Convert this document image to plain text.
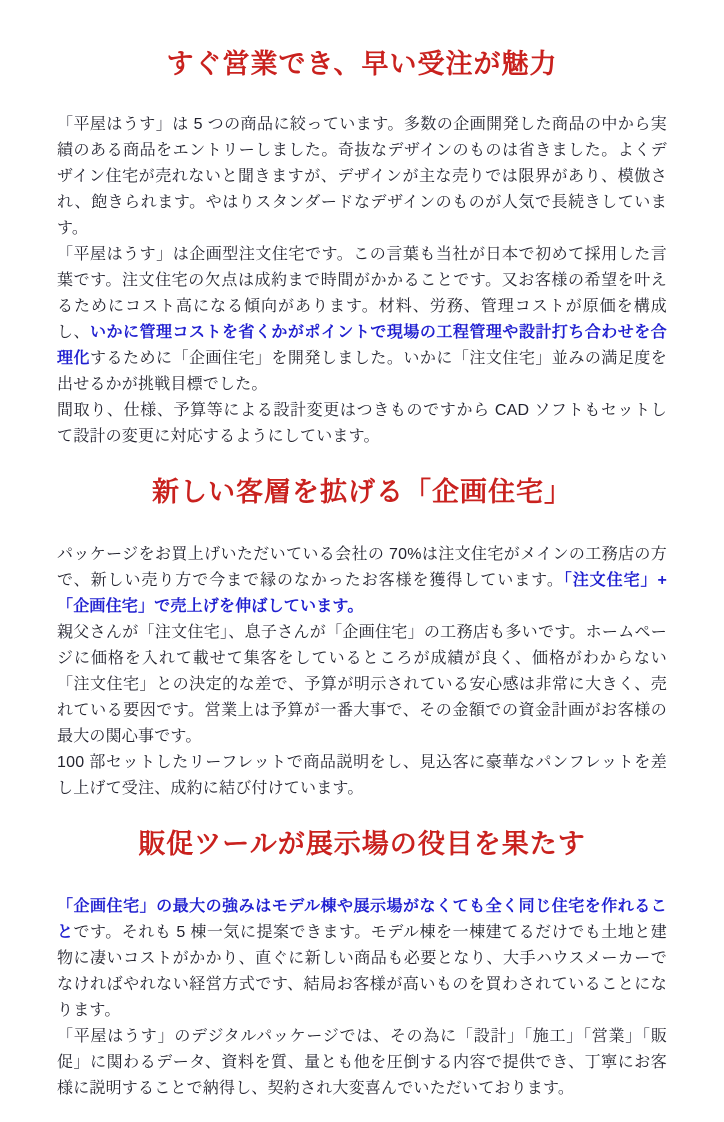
すぐ営業でき、早い受注が魅力

「平屋はうす」は 5 つの商品に絞っています。多数の企画開発した商品の中から実績のある商品をエントリーしました。奇抜なデザインのものは省きました。よくデザイン住宅が売れないと聞きますが、デザインが主な売りでは限界があり、模倣され、飽きられます。やはりスタンダードなデザインのものが人気で長続きしています。

「平屋はうす」は企画型注文住宅です。この言葉も当社が日本で初めて採用した言葉です。注文住宅の欠点は成約まで時間がかかることです。又お客様の希望を叶えるためにコスト高になる傾向があります。材料、労務、管理コストが原価を構成し、いかに管理コストを省くかがポイントで現場の工程管理や設計打ち合わせを合理化するために「企画住宅」を開発しました。いかに「注文住宅」並みの満足度を出せるかが挑戦目標でした。

間取り、仕様、予算等による設計変更はつきものですから CAD ソフトもセットして設計の変更に対応するようにしています。

新しい客層を拡げる「企画住宅」

パッケージをお買上げいただいている会社の 70%は注文住宅がメインの工務店の方で、新しい売り方で今まで縁のなかったお客様を獲得しています。「注文住宅」+「企画住宅」で売上げを伸ばしています。

親父さんが「注文住宅」、息子さんが「企画住宅」の工務店も多いです。ホームページに価格を入れて載せて集客をしているところが成績が良く、価格がわからない「注文住宅」との決定的な差で、予算が明示されている安心感は非常に大きく、売れている要因です。営業上は予算が一番大事で、その金額での資金計画がお客様の最大の関心事です。

100 部セットしたリーフレットで商品説明をし、見込客に豪華なパンフレットを差し上げて受注、成約に結び付けています。

販促ツールが展示場の役目を果たす

「企画住宅」の最大の強みはモデル棟や展示場がなくても全く同じ住宅を作れることです。それも 5 棟一気に提案できます。モデル棟を一棟建てるだけでも土地と建物に凄いコストがかかり、直ぐに新しい商品も必要となり、大手ハウスメーカーでなければやれない経営方式です、結局お客様が高いものを買わされていることになります。

「平屋はうす」のデジタルパッケージでは、その為に「設計」「施工」「営業」「販促」に関わるデータ、資料を質、量とも他を圧倒する内容で提供でき、丁寧にお客様に説明することで納得し、契約され大変喜んでいただいております。
